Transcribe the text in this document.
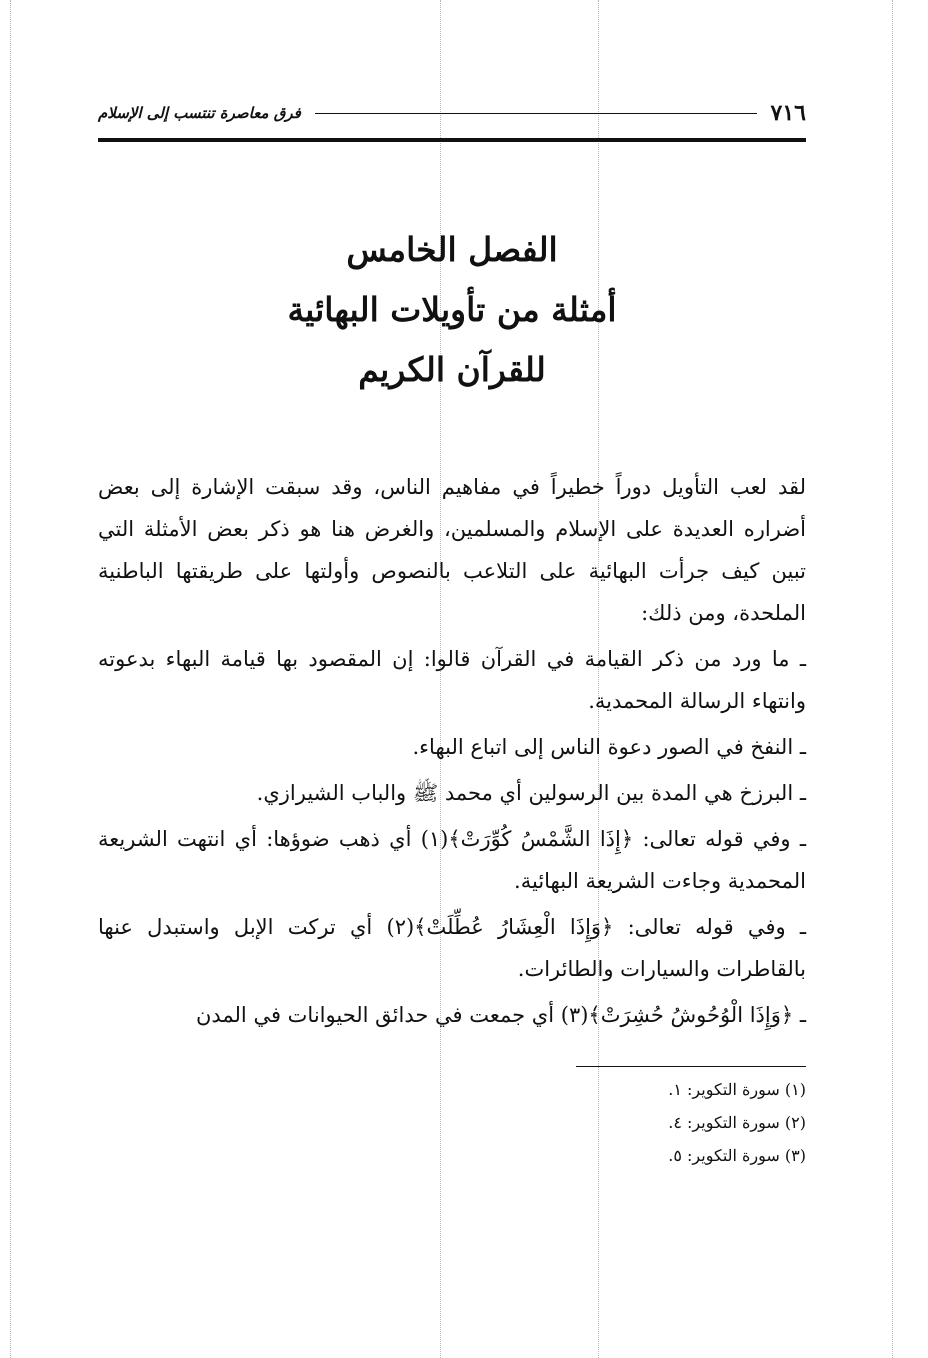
٧١٦
فرق معاصرة تنتسب إلى الإسلام
الفصل الخامس
أمثلة من تأويلات البهائية
للقرآن الكريم

لقد لعب التأويل دوراً خطيراً في مفاهيم الناس، وقد سبقت الإشارة إلى بعض أضراره العديدة على الإسلام والمسلمين، والغرض هنا هو ذكر بعض الأمثلة التي تبين كيف جرأت البهائية على التلاعب بالنصوص وأولتها على طريقتها الباطنية الملحدة، ومن ذلك:

ـ ما ورد من ذكر القيامة في القرآن قالوا: إن المقصود بها قيامة البهاء بدعوته وانتهاء الرسالة المحمدية.

ـ النفخ في الصور دعوة الناس إلى اتباع البهاء.

ـ البرزخ هي المدة بين الرسولين أي محمد ﷺ والباب الشيرازي.

ـ وفي قوله تعالى: ﴿إِذَا الشَّمْسُ كُوِّرَتْ﴾(١) أي ذهب ضوؤها: أي انتهت الشريعة المحمدية وجاءت الشريعة البهائية.

ـ وفي قوله تعالى: ﴿وَإِذَا الْعِشَارُ عُطِّلَتْ﴾(٢) أي تركت الإبل واستبدل عنها بالقاطرات والسيارات والطائرات.

ـ ﴿وَإِذَا الْوُحُوشُ حُشِرَتْ﴾(٣) أي جمعت في حدائق الحيوانات في المدن

(١) سورة التكوير: ١.
(٢) سورة التكوير: ٤.
(٣) سورة التكوير: ٥.
